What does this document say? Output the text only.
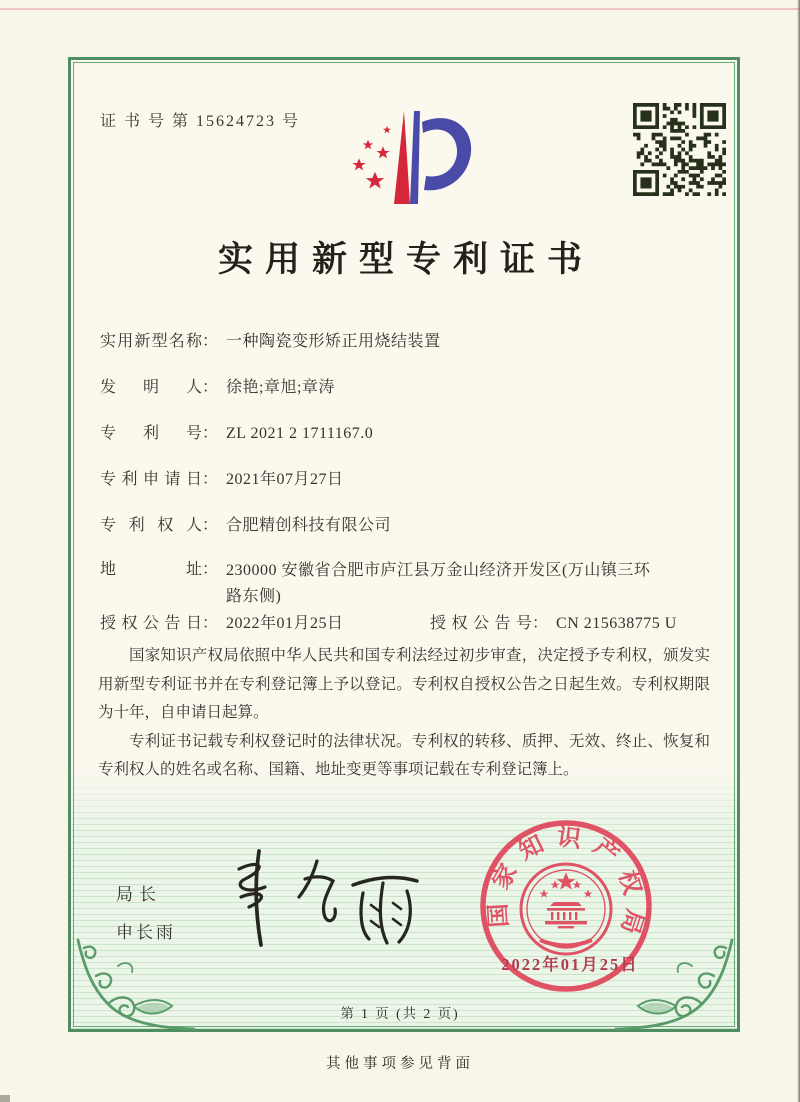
证 书 号 第 15624723 号
实用新型专利证书
实用新型名称： 一种陶瓷变形矫正用烧结装置
发明人： 徐艳;章旭;章涛
专利号： ZL 2021 2 1711167.0
专利申请日： 2021年07月27日
专利权人： 合肥精创科技有限公司
地址： 230000 安徽省合肥市庐江县万金山经济开发区(万山镇三环路东侧)
授权公告日： 2022年01月25日	授权公告号： CN 215638775 U

国家知识产权局依照中华人民共和国专利法经过初步审查，决定授予专利权，颁发实用新型专利证书并在专利登记簿上予以登记。专利权自授权公告之日起生效。专利权期限为十年，自申请日起算。

专利证书记载专利权登记时的法律状况。专利权的转移、质押、无效、终止、恢复和专利权人的姓名或名称、国籍、地址变更等事项记载在专利登记簿上。

局长
申长雨
国家知识产权局
2022年01月25日
第 1 页 (共 2 页)
其他事项参见背面
